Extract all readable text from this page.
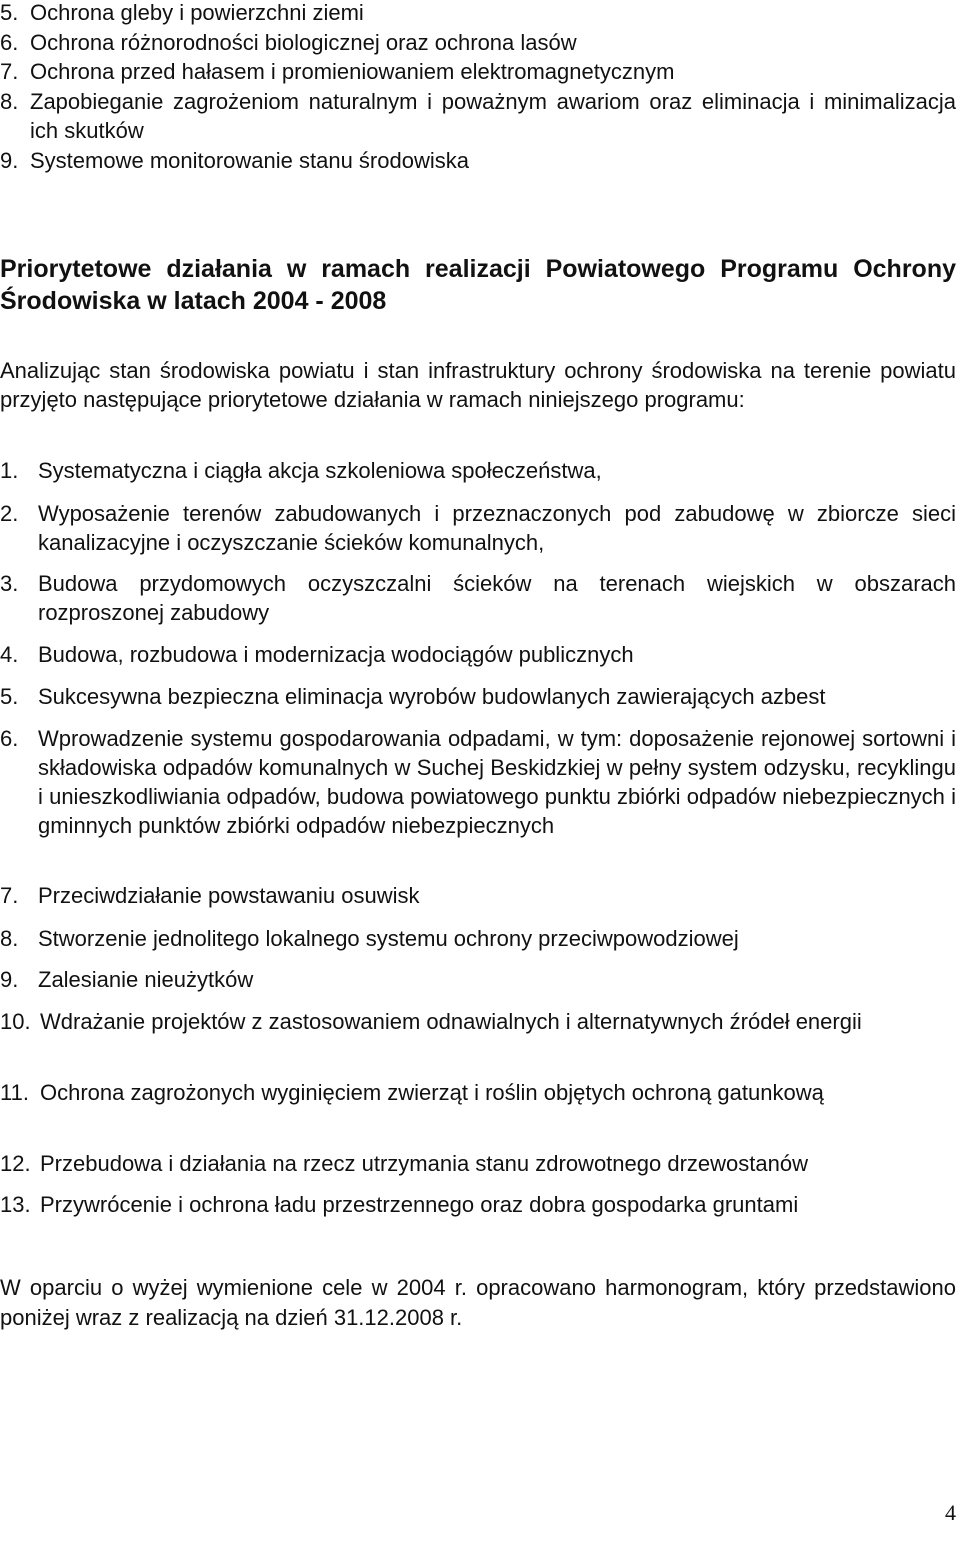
5. Ochrona gleby i powierzchni ziemi
6. Ochrona różnorodności biologicznej oraz ochrona lasów
7. Ochrona przed hałasem i promieniowaniem elektromagnetycznym
8. Zapobieganie zagrożeniom naturalnym i poważnym awariom oraz eliminacja i minimalizacja ich skutków
9. Systemowe monitorowanie stanu środowiska

Priorytetowe działania w ramach realizacji Powiatowego Programu Ochrony Środowiska w latach 2004 - 2008

Analizując stan środowiska powiatu i stan infrastruktury ochrony środowiska na terenie powiatu przyjęto następujące priorytetowe działania w ramach niniejszego programu:

1. Systematyczna i ciągła akcja szkoleniowa społeczeństwa,
2. Wyposażenie terenów zabudowanych i przeznaczonych pod zabudowę w zbiorcze sieci kanalizacyjne i oczyszczanie ścieków komunalnych,
3. Budowa przydomowych oczyszczalni ścieków na terenach wiejskich w obszarach rozproszonej zabudowy
4. Budowa, rozbudowa i modernizacja wodociągów publicznych
5. Sukcesywna bezpieczna eliminacja wyrobów budowlanych zawierających azbest
6. Wprowadzenie systemu gospodarowania odpadami, w tym: doposażenie rejonowej sortowni i składowiska odpadów komunalnych w Suchej Beskidzkiej w pełny system odzysku, recyklingu i unieszkodliwiania odpadów, budowa powiatowego punktu zbiórki odpadów niebezpiecznych i gminnych punktów zbiórki odpadów niebezpiecznych
7. Przeciwdziałanie powstawaniu osuwisk
8. Stworzenie jednolitego lokalnego systemu ochrony przeciwpowodziowej
9. Zalesianie nieużytków
10. Wdrażanie projektów z zastosowaniem odnawialnych i alternatywnych źródeł energii
11. Ochrona zagrożonych wyginięciem zwierząt i roślin objętych ochroną gatunkową
12. Przebudowa i działania na rzecz utrzymania stanu zdrowotnego drzewostanów
13. Przywrócenie i ochrona ładu przestrzennego oraz dobra gospodarka gruntami

W oparciu o wyżej wymienione cele w 2004 r. opracowano harmonogram, który przedstawiono poniżej wraz z realizacją na dzień 31.12.2008 r.

4
